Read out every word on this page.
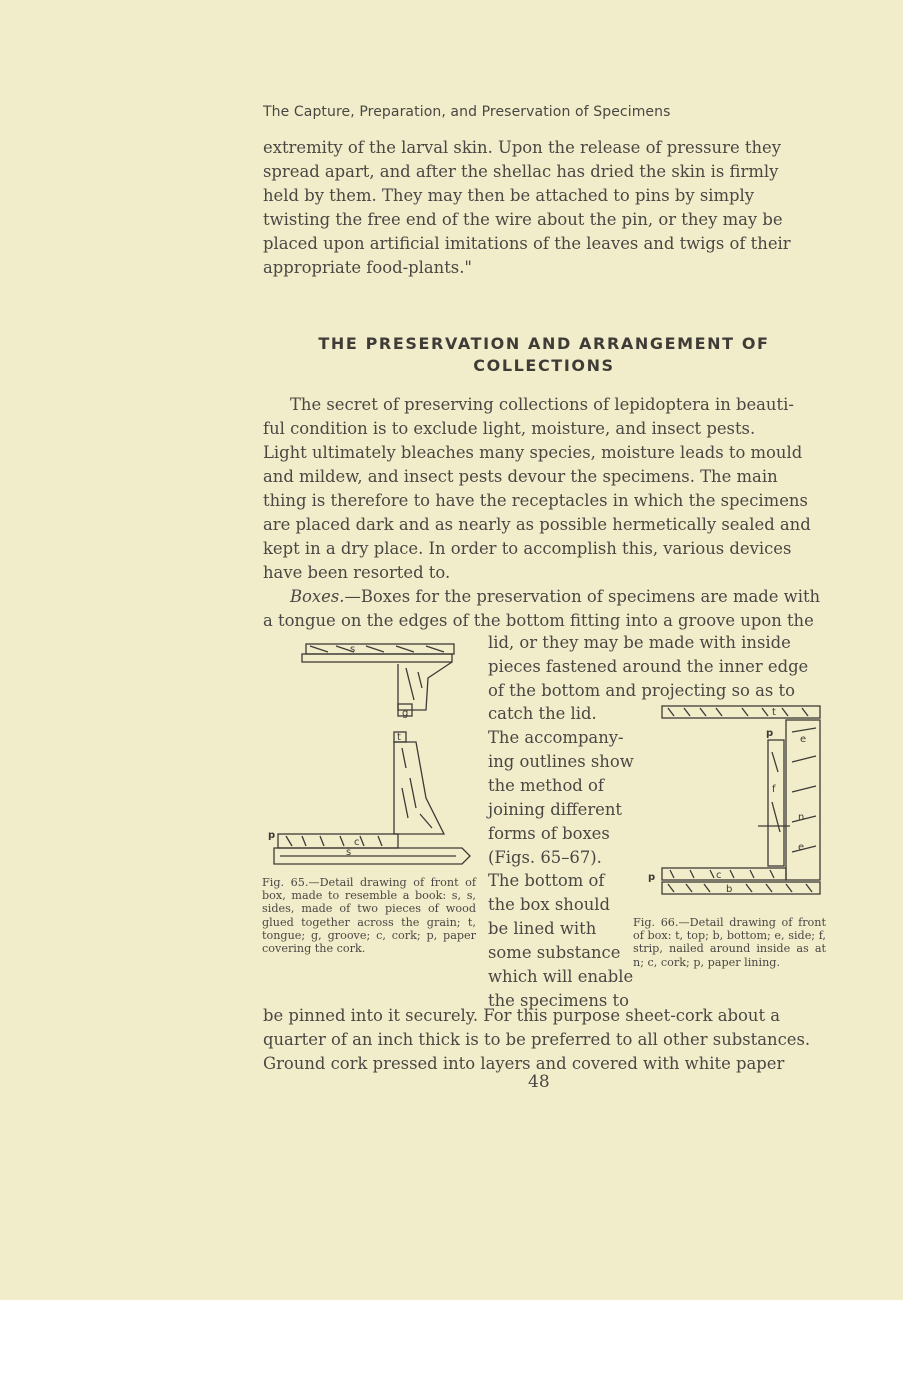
The Capture, Preparation, and Preservation of Specimens
extremity of the larval skin. Upon the release of pressure they
spread apart, and after the shellac has dried the skin is firmly
held by them. They may then be attached to pins by simply
twisting the free end of the wire about the pin, or they may be
placed upon artificial imitations of the leaves and twigs of their
appropriate food-plants."
THE PRESERVATION AND ARRANGEMENT OF
COLLECTIONS
The secret of preserving collections of lepidoptera in beauti-
ful condition is to exclude light, moisture, and insect pests.
Light ultimately bleaches many species, moisture leads to mould
and mildew, and insect pests devour the specimens. The main
thing is therefore to have the receptacles in which the specimens
are placed dark and as nearly as possible hermetically sealed and
kept in a dry place. In order to accomplish this, various devices
have been resorted to.
Boxes.—Boxes for the preservation of specimens are made with
a tongue on the edges of the bottom fitting into a groove upon the
lid, or they may be made with inside
pieces fastened around the inner edge
of the bottom and projecting so as to
catch the lid.
The accompany-
ing outlines show
the method of
joining different
forms of boxes
(Figs. 65–67).
The bottom of
the box should
be lined with
some substance
which will enable
the specimens to
g
s
t
c
s
p
Fig. 65.—Detail drawing of front of box, made to resemble a book: s, s, sides, made of two pieces of wood glued together across the grain; t, tongue; g, groove; c, cork; p, paper covering the cork.
t
e
n
e
f
p
c
p
b
Fig. 66.—Detail drawing of front of box: t, top; b, bottom; e, side; f, strip, nailed around inside as at n; c, cork; p, paper lining.
be pinned into it securely. For this purpose sheet-cork about a
quarter of an inch thick is to be preferred to all other substances.
Ground cork pressed into layers and covered with white paper
48
